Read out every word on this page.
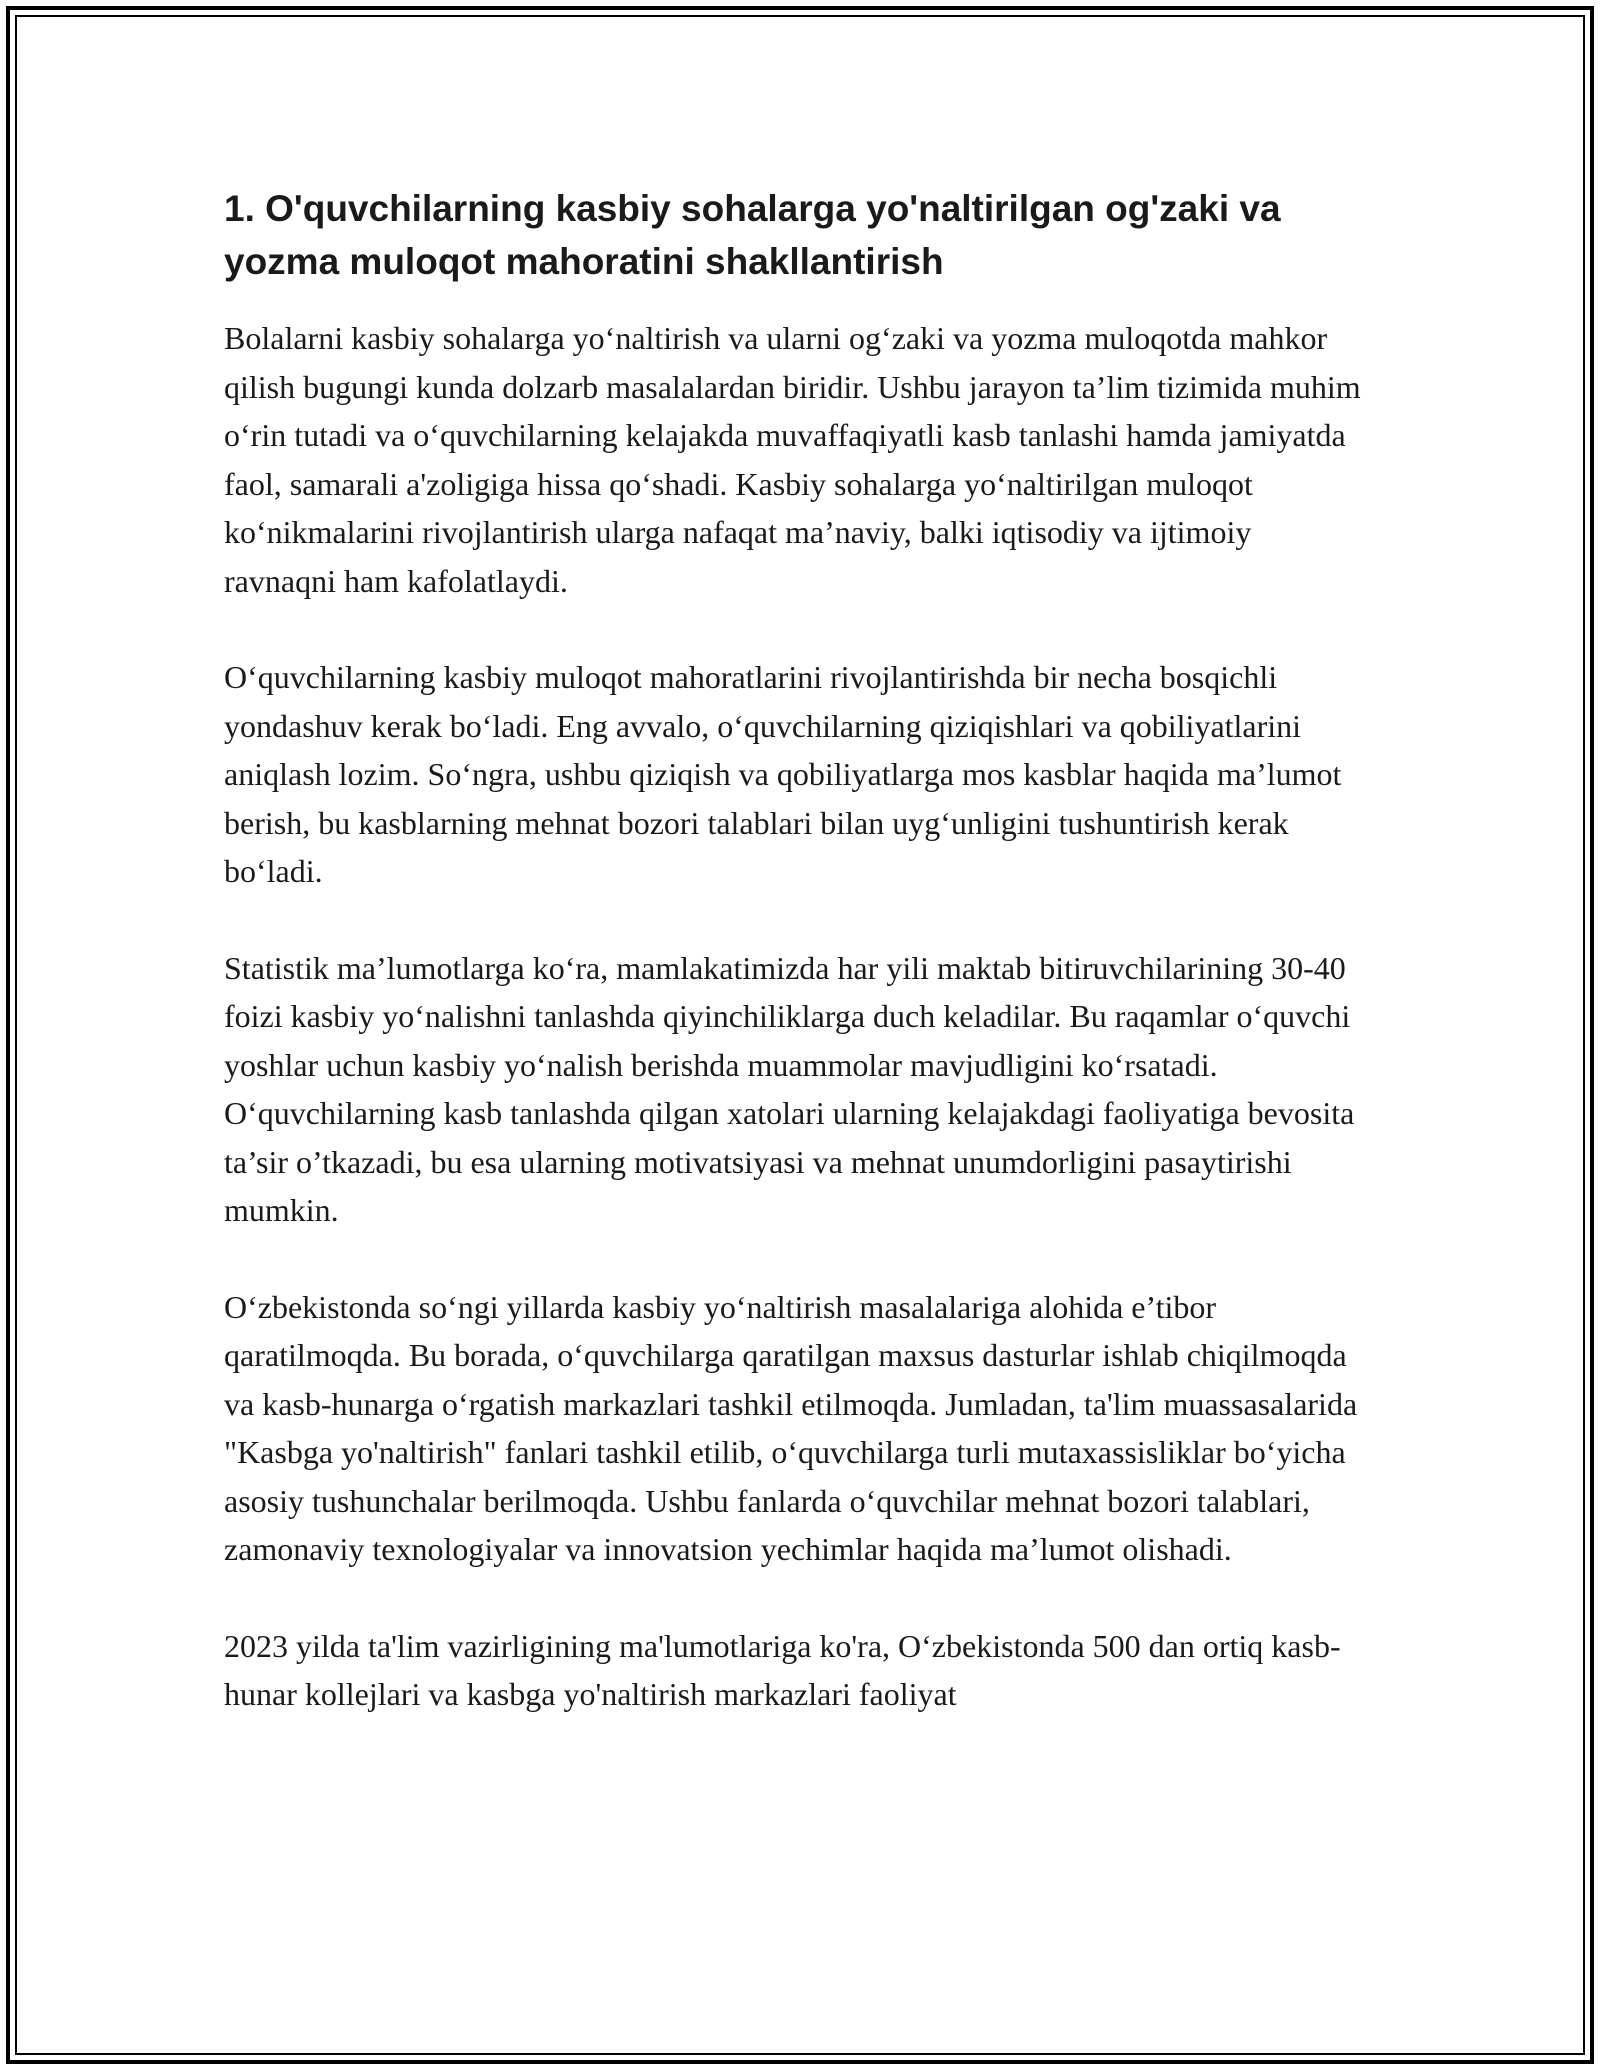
1. O'quvchilarning kasbiy sohalarga yo'naltirilgan og'zaki va yozma muloqot mahoratini shakllantirish

Bolalarni kasbiy sohalarga yo‘naltirish va ularni og‘zaki va yozma muloqotda mahkor qilish bugungi kunda dolzarb masalalardan biridir. Ushbu jarayon ta’lim tizimida muhim o‘rin tutadi va o‘quvchilarning kelajakda muvaffaqiyatli kasb tanlashi hamda jamiyatda faol, samarali a'zoligiga hissa qo‘shadi. Kasbiy sohalarga yo‘naltirilgan muloqot ko‘nikmalarini rivojlantirish ularga nafaqat ma’naviy, balki iqtisodiy va ijtimoiy ravnaqni ham kafolatlaydi.

O‘quvchilarning kasbiy muloqot mahoratlarini rivojlantirishda bir necha bosqichli yondashuv kerak bo‘ladi. Eng avvalo, o‘quvchilarning qiziqishlari va qobiliyatlarini aniqlash lozim. So‘ngra, ushbu qiziqish va qobiliyatlarga mos kasblar haqida ma’lumot berish, bu kasblarning mehnat bozori talablari bilan uyg‘unligini tushuntirish kerak bo‘ladi.

Statistik ma’lumotlarga ko‘ra, mamlakatimizda har yili maktab bitiruvchilarining 30-40 foizi kasbiy yo‘nalishni tanlashda qiyinchiliklarga duch keladilar. Bu raqamlar o‘quvchi yoshlar uchun kasbiy yo‘nalish berishda muammolar mavjudligini ko‘rsatadi. O‘quvchilarning kasb tanlashda qilgan xatolari ularning kelajakdagi faoliyatiga bevosita ta’sir o’tkazadi, bu esa ularning motivatsiyasi va mehnat unumdorligini pasaytirishi mumkin.

O‘zbekistonda so‘ngi yillarda kasbiy yo‘naltirish masalalariga alohida e’tibor qaratilmoqda. Bu borada, o‘quvchilarga qaratilgan maxsus dasturlar ishlab chiqilmoqda va kasb-hunarga o‘rgatish markazlari tashkil etilmoqda. Jumladan, ta'lim muassasalarida "Kasbga yo'naltirish" fanlari tashkil etilib, o‘quvchilarga turli mutaxassisliklar bo‘yicha asosiy tushunchalar berilmoqda. Ushbu fanlarda o‘quvchilar mehnat bozori talablari, zamonaviy texnologiyalar va innovatsion yechimlar haqida ma’lumot olishadi.

2023 yilda ta'lim vazirligining ma'lumotlariga ko'ra, O‘zbekistonda 500 dan ortiq kasb-hunar kollejlari va kasbga yo'naltirish markazlari faoliyat
